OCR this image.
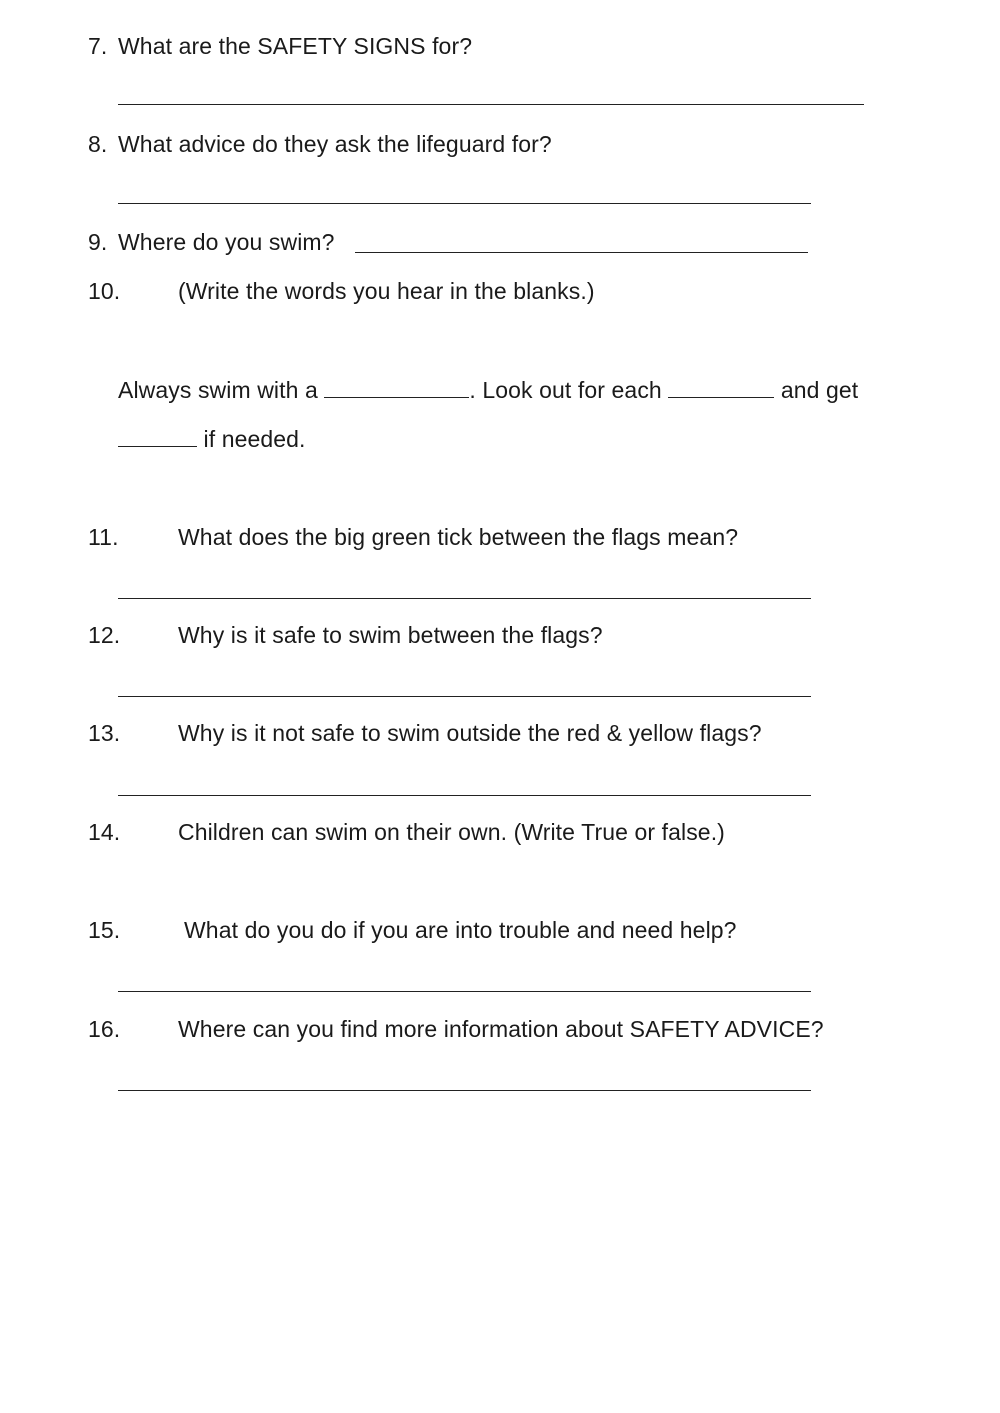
7. What are the SAFETY SIGNS for?
8. What advice do they ask the lifeguard for?
9. Where do you swim?
10.	(Write the words you hear in the blanks.)
Always swim with a	. Look out for each	and get
if needed.
11.	What does the big green tick between the flags mean?
12.	Why is it safe to swim between the flags?
13.	Why is it not safe to swim outside the red & yellow flags?
14.	Children can swim on their own. (Write True or false.)
15.	What do you do if you are into trouble and need help?
16.	Where can you find more information about SAFETY ADVICE?
